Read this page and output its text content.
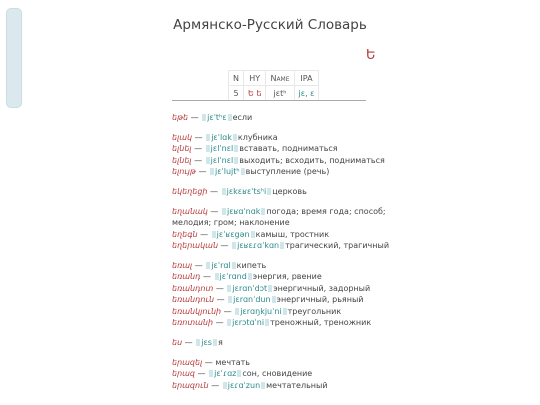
Армянско-Русский Словарь
Ե
N	HY	Name	IPA
5	Ե ե	jɛtʰ	jɛ, ɛ
եթե — jɛˈtʰɛ если
ելակ — jɛˈlɑk клубника
ելնել — jɛlˈnɛl вставать, подниматься
ելնել — jɛlˈnɛl выходить; всходить, подниматься
ելույթ — jɛˈlujtʰ выступление (речь)
եկեղեցի — jɛkɛʁɛˈtsʰi церковь
եղանակ — jɛʁɑˈnɑk погода; время года; способ; мелодия; гром; наклонение
եղեգն — jɛˈʁɛgən камыш, тростник
եղերական — jɛʁɛɾɑˈkɑn трагический, трагичный
եռալ — jɛˈrɑl кипеть
եռանդ — jɛˈrɑnd энергия, рвение
եռանդոտ — jɛrɑnˈdɔt энергичный, задорный
եռանդուն — jɛrɑnˈdun энергичный, рьяный
եռանկյունի — jɛrɑŋkjuˈni треугольник
եռոտանի — jɛrɔtɑˈni треножный, треножник
ես — jɛs я
երազել — мечтать
երազ — jɛˈɾɑz сон, сновидение
երազուն — jɛɾɑˈzun мечтательный
